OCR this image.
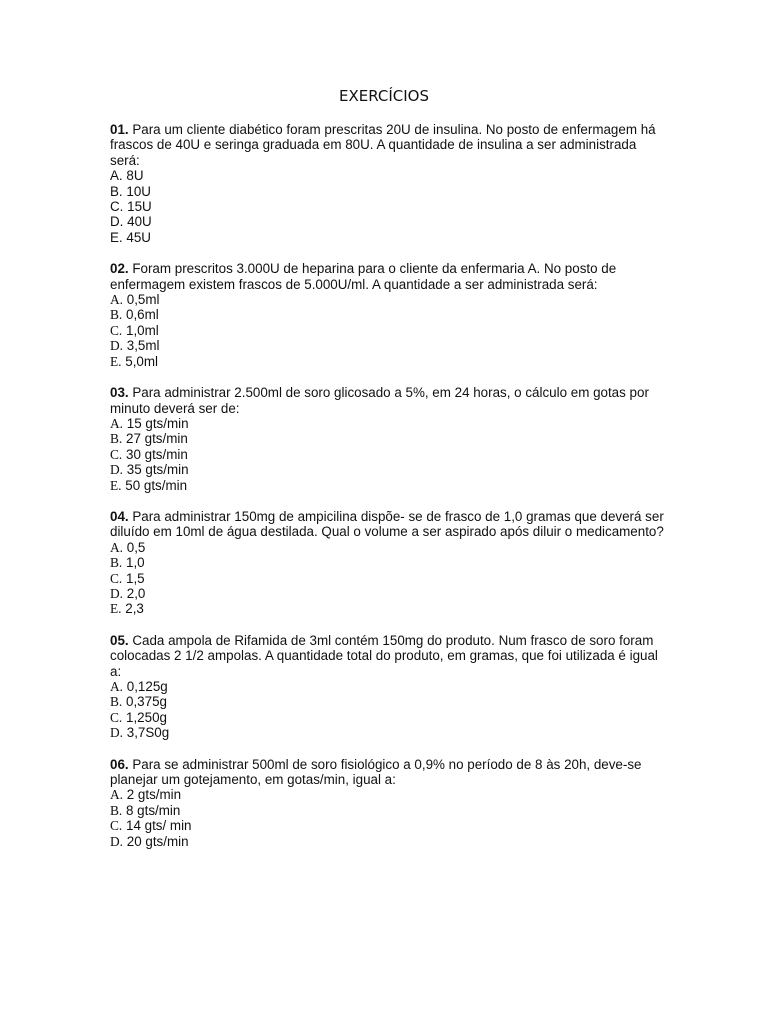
EXERCÍCIOS

01. Para um cliente diabético foram prescritas 20U de insulina. No posto de enfermagem há frascos de 40U e seringa graduada em 80U. A quantidade de insulina a ser administrada será:

A. 8U
B. 10U
C. 15U
D. 40U
E. 45U

02. Foram prescritos 3.000U de heparina para o cliente da enfermaria A. No posto de enfermagem existem frascos de 5.000U/ml. A quantidade a ser administrada será:

A. 0,5ml
B. 0,6ml
C. 1,0ml
D. 3,5ml
E. 5,0ml

03. Para administrar 2.500ml de soro glicosado a 5%, em 24 horas, o cálculo em gotas por minuto deverá ser de:

A. 15 gts/min
B. 27 gts/min
C. 30 gts/min
D. 35 gts/min
E. 50 gts/min

04. Para administrar 150mg de ampicilina dispõe- se de frasco de 1,0 gramas que deverá ser diluído em 10ml de água destilada. Qual o volume a ser aspirado após diluir o medicamento?

A. 0,5
B. 1,0
C. 1,5
D. 2,0
E. 2,3

05. Cada ampola de Rifamida de 3ml contém 150mg do produto. Num frasco de soro foram colocadas 2 1/2 ampolas. A quantidade total do produto, em gramas, que foi utilizada é igual a:

A. 0,125g
B. 0,375g
C. 1,250g
D. 3,7S0g

06. Para se administrar 500ml de soro fisiológico a 0,9% no período de 8 às 20h, deve-se planejar um gotejamento, em gotas/min, igual a:

A. 2 gts/min
B. 8 gts/min
C. 14 gts/ min
D. 20 gts/min
